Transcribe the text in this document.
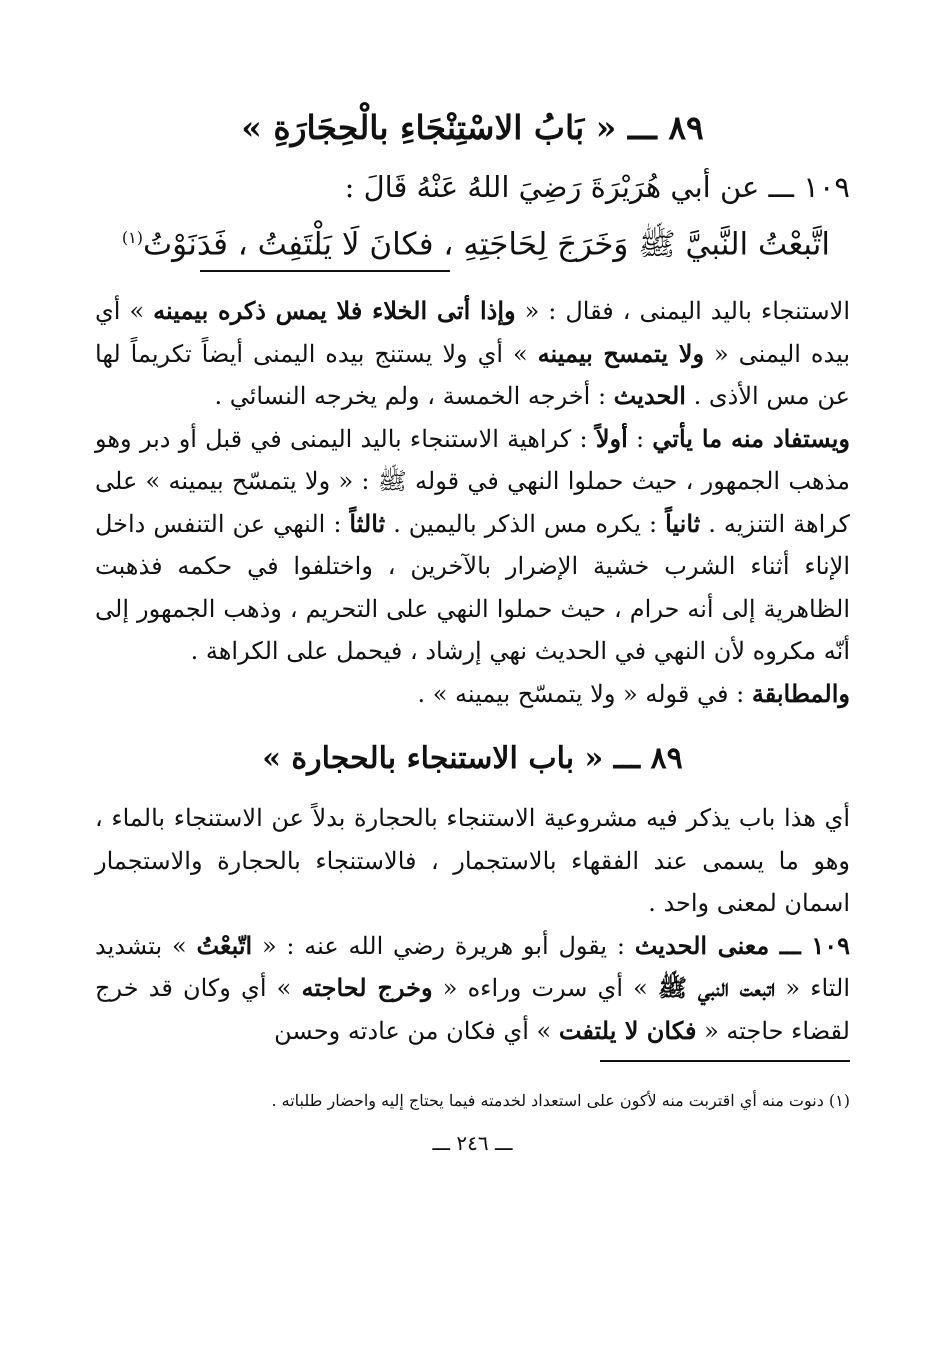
٨٩ ـــ « بَابُ الاسْتِنْجَاءِ بالْحِجَارَةِ »
١٠٩ ـــ عن أبي هُرَيْرَةَ رَضِيَ اللهُ عَنْهُ قَالَ :
اتَّبعْتُ النَّبيَّ ﷺ وَخَرَجَ لِحَاجَتِهِ ، فكانَ لَا يَلْتَفِتُ ، فَدَنَوْتُ$^{(١)}$

الاستنجاء باليد اليمنى ، فقال : « وإذا أتى الخلاء فلا يمس ذكره بيمينه » أي بيده اليمنى « ولا يتمسح بيمينه » أي ولا يستنج بيده اليمنى أيضاً تكريماً لها عن مس الأذى . الحديث : أخرجه الخمسة ، ولم يخرجه النسائي .

ويستفاد منه ما يأتي : أولاً : كراهية الاستنجاء باليد اليمنى في قبل أو دبر وهو مذهب الجمهور ، حيث حملوا النهي في قوله ﷺ : « ولا يتمسّح بيمينه » على كراهة التنزيه . ثانياً : يكره مس الذكر باليمين . ثالثاً : النهي عن التنفس داخل الإناء أثناء الشرب خشية الإضرار بالآخرين ، واختلفوا في حكمه فذهبت الظاهرية إلى أنه حرام ، حيث حملوا النهي على التحريم ، وذهب الجمهور إلى أنّه مكروه لأن النهي في الحديث نهي إرشاد ، فيحمل على الكراهة .

والمطابقة : في قوله « ولا يتمسّح بيمينه » .

٨٩ ـــ « باب الاستنجاء بالحجارة »

أي هذا باب يذكر فيه مشروعية الاستنجاء بالحجارة بدلاً عن الاستنجاء بالماء ، وهو ما يسمى عند الفقهاء بالاستجمار ، فالاستنجاء بالحجارة والاستجمار اسمان لمعنى واحد .

١٠٩ ـــ معنى الحديث : يقول أبو هريرة رضي الله عنه : « اتّبعْتُ » بتشديد التاء « اتبعت النبي ﷺ » أي سرت وراءه « وخرج لحاجته » أي وكان قد خرج لقضاء حاجته « فكان لا يلتفت » أي فكان من عادته وحسن

(١) دنوت منه أي اقتربت منه لأكون على استعداد لخدمته فيما يحتاج إليه واحضار طلباته .
ـــ ٢٤٦ ـــ
